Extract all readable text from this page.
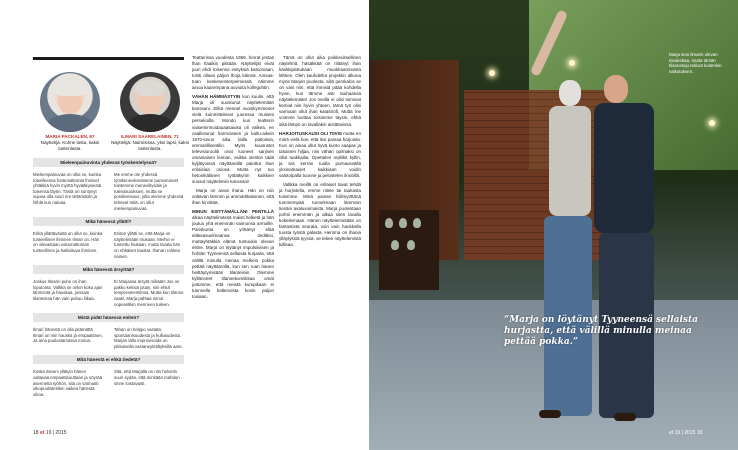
MARIA PACKALÉN, 67
Näyttelijä. Kolme lasta, kaksi lastenlasta.
ILMARI SAARELAINEN, 71
Näyttelijä. Naimisissa, yksi lapsi, kaksi lastenlasta.
Mieleenpainuvinta yhdessä työskentelyssä?
Mieleenpainuvaa on ollut se, kuinka toiselleensa funtemaltomat ihmiset yhtäkkiä hyvin myötä hyvääkyseistä toisensa täytin. Tästä on suntynyt sujuva olla suuri rire tietämätön ja hilhlä kun naluaa.
Me emme ole yhdessä työskennelessämme puneutuneet tointemme meneviltysiäin ja tulevaisuuksien, mutta se positiiveisuus, jolla olemme yhdessä tehneet töitä, on ollut mieleenpainuvaa.
Mikä hänessä yllätti?
Erikä yllättäväintä on ollut se, kuinka tunteellinen ihminen Ilmari on. Hän on oikeastaan uskomattoman tunteellinen ja haltioituva ihminen.
Eniten yllätti se, että Marja on näyttelimään mukaan. Meihin ei tunnettu hiukaan, mutta tavata hän on ehkäiset taustat. Ihanan rohkea nainen.
Mikä hänessä ärsyttää?
Joskus Ilmarin puhe on ihan loputonta. Valkka se onkin koko ajan lämmintä ja hauskaa, joissain tilanteissa hän vain puhuu liikaa.
Ei Marjassa ärsytä mikään! Jos on pakko keksiä jotain, niin ehkä temperamenttinsa, Mutta kun tilanne vaatii, Marja pahtaa minut nopeastikin menneen tuileen.
Mistä pidät hänessä eniten?
Ilmari hänestä on olla pitämättä Ilmari on niin hauska ja empaattinen. Ja aina puolustamassa minua.
Tahan on helppo vastata: spontaanisuudesta ja hullusudesta. Marjan tallo improvisoida on pikkaisella vastaneytetiltyksillä aare.
Mitä hänestä ei ehkä tiedetä?
Koska itseeni yllätyin hänen valtavaa empaattisuuttaan ja nöyrää asennetta työhön, sitä on varmasti ulkopuolisteriikin vaikea hänestä oikoa.
Sitä, että Marjalla on niin helvetin suuri sydän, että minkään mahdun sinne loistavasti.

Teatterissa vuodesta 1969, herrat jestas lhan Ilaaikin pitkään. Näyttelijät eivät juuri ehdi toisensa esityksiä katsomaan, toisti ollaan paljon lhoja käinnä. Amsaa- tuan keskeseniterpelmessä näimme ainoa kaarempana auvioita kolleguhtin.

VÄHÄN HÄMMÄSTYIN kun kuulin, että Marja oli suostunut näyttelemään kanssani. Elikä mennet vuosikymmenet vielä kuinmittelevat juuressa muiseni persekoilla. Mondo kun teatterin vaiseminnoidauaasaiuka oli valkea, en osallistunut harmoiseen ja kaltu-aikein 1970-luvun aika lailla paitoissa, ammatillisentilin. Myös kuusnstet televisiorooliti ovat luoneet sarjisen omanlaisen leiman, vaikka olenkin tädä kyljätyoissä näyttäneillä painttut ihan erilaisiaa osiosa. Mutta nyt tuo hetoinkälänen työlätkyriin kaikkien suosut näyttelimiin kanssani!

Marja on aivan ihana. Hän on niin valtavan lämmin ja ammattitaitoinen, että ihan hirvittää.

MINUN ESITTÄMÄLLÄNI PENTILLÄ alkaa näyttelimässä maisti helketä ja hän joutuu yhä enemmän vaimonsa armoille. Pariskunta on yrittänyt elää eläkeasuelmaansa tiedäksi, muttayhtäkkiä elämä tuntuukin olevan elitne. Marja on löytänyt impulsiivisen ja hohlän Tyyneensä sellaista hurjasta, että välillä minulla menaa melkein pokka pettää näyttämöllä, kun sen ruan hänen heittäytymisään tilanteisiin. Olemme kyllänneet tilannekomiikkaa omat juttumme, että meistä kumpikaan ei tunnnella haltenoista kovin paljon tosiaan.

Tämä on ollut aika poikkeuksellinen näytelmä, häsäkkää on riittänyt ihan kävkkipiistukaan muokkaamisesta lähtien. Olen kauhdellut projektin alkuna myös Marjan puolesta, sillä perskalos se on vain niin, että ihmisiä pitää kohdella hyvin, kun tämme asti rauhaansa näyttelemään! Jos meillä ei olisi toimivat kemiat niin hyvin yhteen, tämä työ olisi varmaan ollut ihan katastrofi. Mutta me voimme luottaa toisiimme täysin, ehkä siitä lämpö on lavallakin aistittavissa.

HARJOITUSKAUSI OLI TIIVIS mutta en minä vielä koe, että iksi painaa harjoista. Kun on ainaa ollut hyvä kunto saapas ja tasainen hiljaa, niin vähän opimaksi on ollut tuakkailia. Opettelen repliikit kyllin, ja siis kerran tuolla purnausvällä yksinarkaiset kaikkiaan voidin valotolpalla tuonne ja pelostelen ilmiöillä.

Valtkka meillä on erilaiset tavat tehdä ja hurjistella, emme riitele tai taukasta toisimme. Minä painan hiilimyöttänä tummempää tunnelmaan lämmöin tiesäni avaluvoimaista. Marja puolestaan pohtii enemmän ja alkaa siten lavalla kokeilemaan. Hänen näyttelemintään on fantastista seurata, voin vain haukkalla tuosta työstä palasta. Hemma on ihania ylläytyksiä tyyssä, se tekee näyttelemistä lullisaa.

18 et 19 | 2015
Marja tiesi Ilmarin olevan tavukeltaa, mutta tämän tilannetaju tekivat kuitenkin vaikutuksen.
“Marja on löytänyt Tyyneensä sellaista hurjastta, että välillä minulla meinaa pettää pokka.”
et 19 | 2015 19
